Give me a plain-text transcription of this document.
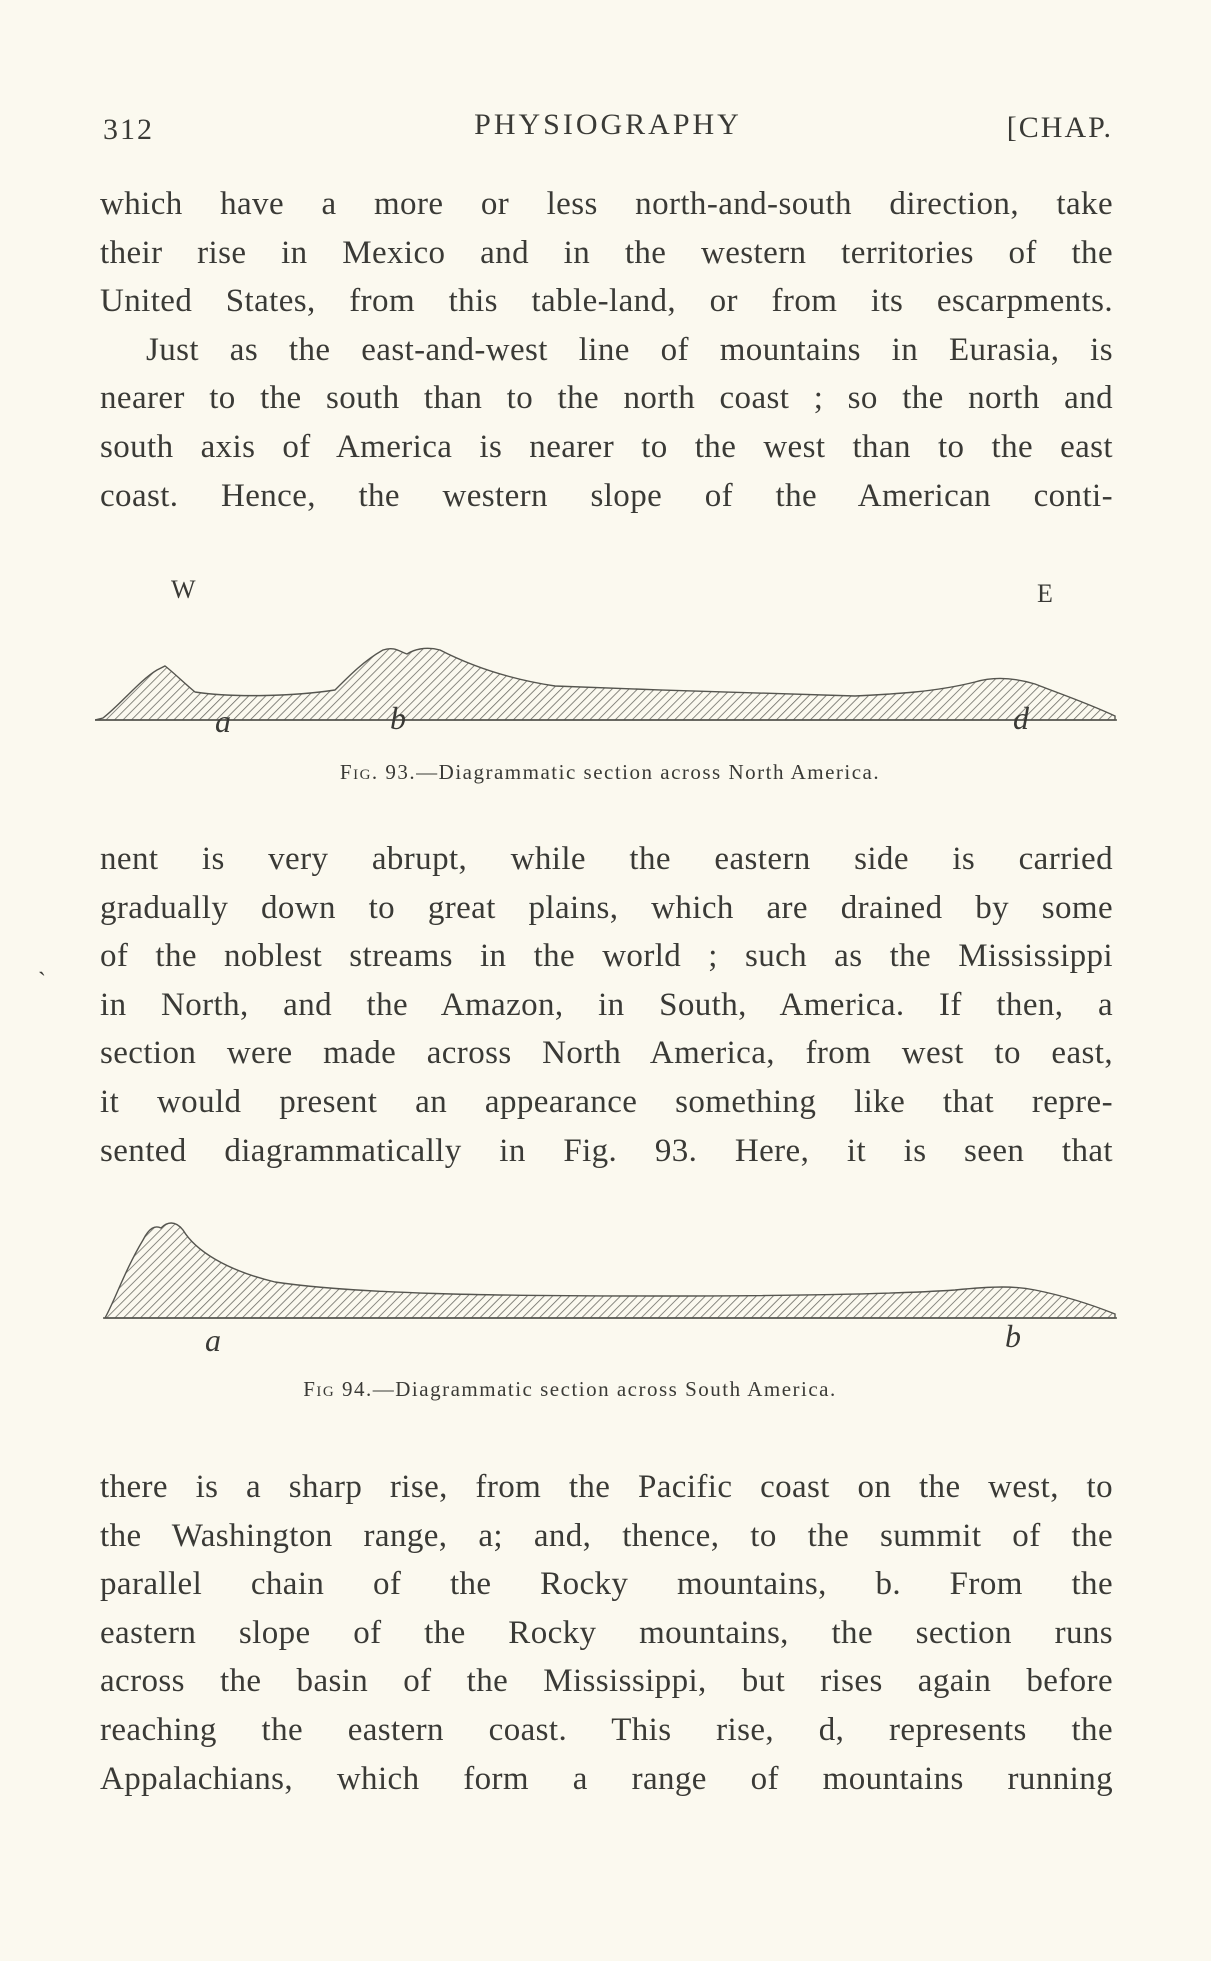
312	PHYSIOGRAPHY	[CHAP.
which have a more or less north-and-south direction, take
their rise in Mexico and in the western territories of the
United States, from this table-land, or from its escarpments.
Just as the east-and-west line of mountains in Eurasia, is
nearer to the south than to the north coast ; so the north and
south axis of America is nearer to the west than to the east
coast. Hence, the western slope of the American conti-
W	E
a	b	d
Fig. 93.—Diagrammatic section across North America.
nent is very abrupt, while the eastern side is carried
gradually down to great plains, which are drained by some
of the noblest streams in the world ; such as the Mississippi
in North, and the Amazon, in South, America. If then, a
section were made across North America, from west to east,
it would present an appearance something like that repre-
sented diagrammatically in Fig. 93. Here, it is seen that
ˎ
a	b
Fig 94.—Diagrammatic section across South America.
there is a sharp rise, from the Pacific coast on the west, to
the Washington range, a; and, thence, to the summit of the
parallel chain of the Rocky mountains, b. From the
eastern slope of the Rocky mountains, the section runs
across the basin of the Mississippi, but rises again before
reaching the eastern coast. This rise, d, represents the
Appalachians, which form a range of mountains running
